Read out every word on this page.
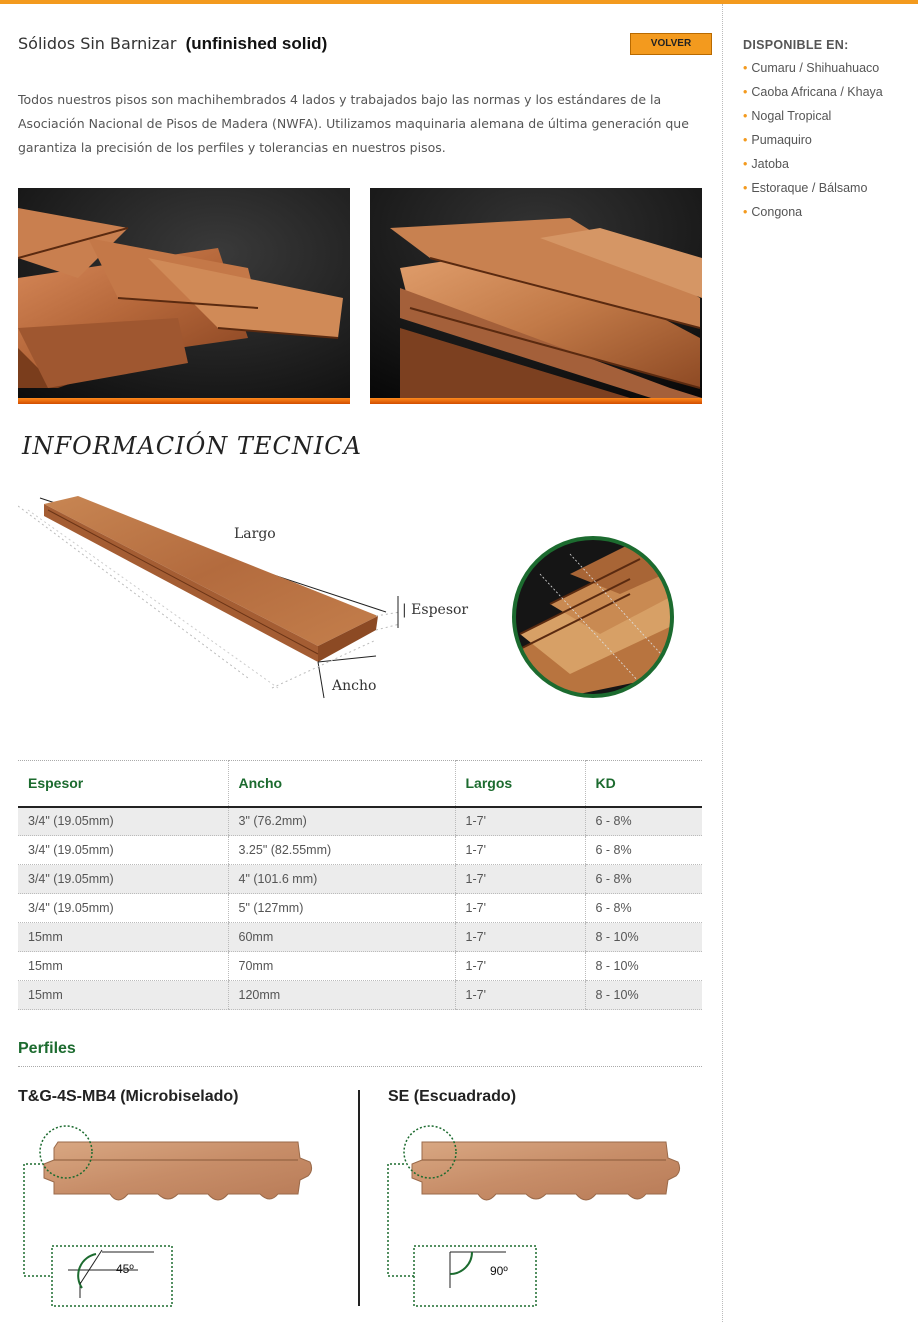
Sólidos Sin Barnizar (unfinished solid)	VOLVER

Todos nuestros pisos son machihembrados 4 lados y trabajados bajo las normas y los estándares de la Asociación Nacional de Pisos de Madera (NWFA). Utilizamos maquinaria alemana de última generación que garantiza la precisión de los perfiles y tolerancias en nuestros pisos.

INFORMACIÓN TECNICA
Largo
| Espesor
Ancho
Espesor	Ancho	Largos	KD
3/4" (19.05mm)	3" (76.2mm)	1-7'	6 - 8%
3/4" (19.05mm)	3.25" (82.55mm)	1-7'	6 - 8%
3/4" (19.05mm)	4" (101.6 mm)	1-7'	6 - 8%
3/4" (19.05mm)	5" (127mm)	1-7'	6 - 8%
15mm	60mm	1-7'	8 - 10%
15mm	70mm	1-7'	8 - 10%
15mm	120mm	1-7'	8 - 10%
Perfiles
T&G-4S-MB4 (Microbiselado)	SE (Escuadrado)
45º	90º
DISPONIBLE EN:
• Cumaru / Shihuahuaco
• Caoba Africana / Khaya
• Nogal Tropical
• Pumaquiro
• Jatoba
• Estoraque / Bálsamo
• Congona
